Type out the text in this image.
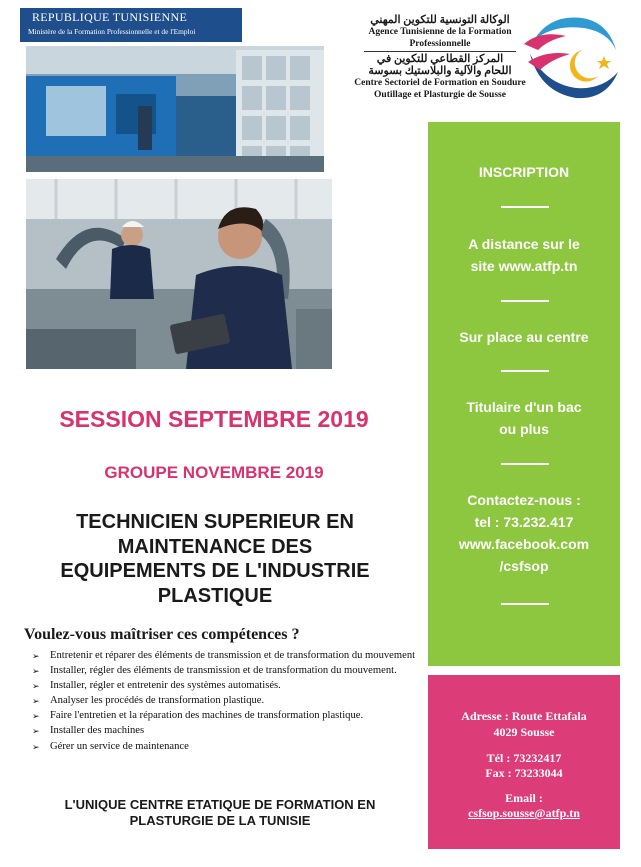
REPUBLIQUE TUNISIENNE
Ministère de la Formation Professionnelle et de l'Emploi
الوكالة التونسية للتكوين المهني
Agence Tunisienne de la Formation
Professionnelle
المركز القطاعي للتكوين في
اللحام والآلية والبلاستيك بسوسة
Centre Sectoriel de Formation en Soudure
Outillage et Plasturgie de Sousse
SESSION SEPTEMBRE 2019
GROUPE NOVEMBRE 2019
TECHNICIEN SUPERIEUR EN
MAINTENANCE DES
EQUIPEMENTS DE L'INDUSTRIE
PLASTIQUE
Voulez-vous maîtriser ces compétences ?
➢ Entretenir et réparer des éléments de transmission et de transformation du mouvement
➢ Installer, régler des éléments de transmission et de transformation du mouvement.
➢ Installer, régler et entretenir des systèmes automatisés.
➢ Analyser les procédés de transformation plastique.
➢ Faire l'entretien et la réparation des machines de transformation plastique.
➢ Installer des machines
➢ Gérer un service de maintenance
L'UNIQUE CENTRE ETATIQUE DE FORMATION EN
PLASTURGIE DE LA TUNISIE
INSCRIPTION
A distance sur le
site www.atfp.tn
Sur place au centre
Titulaire d'un bac
ou plus
Contactez-nous :
tel : 73.232.417
www.facebook.com
/csfsop
Adresse : Route Ettafala
4029 Sousse
Tél : 73232417
Fax : 73233044
Email :
csfsop.sousse@atfp.tn
